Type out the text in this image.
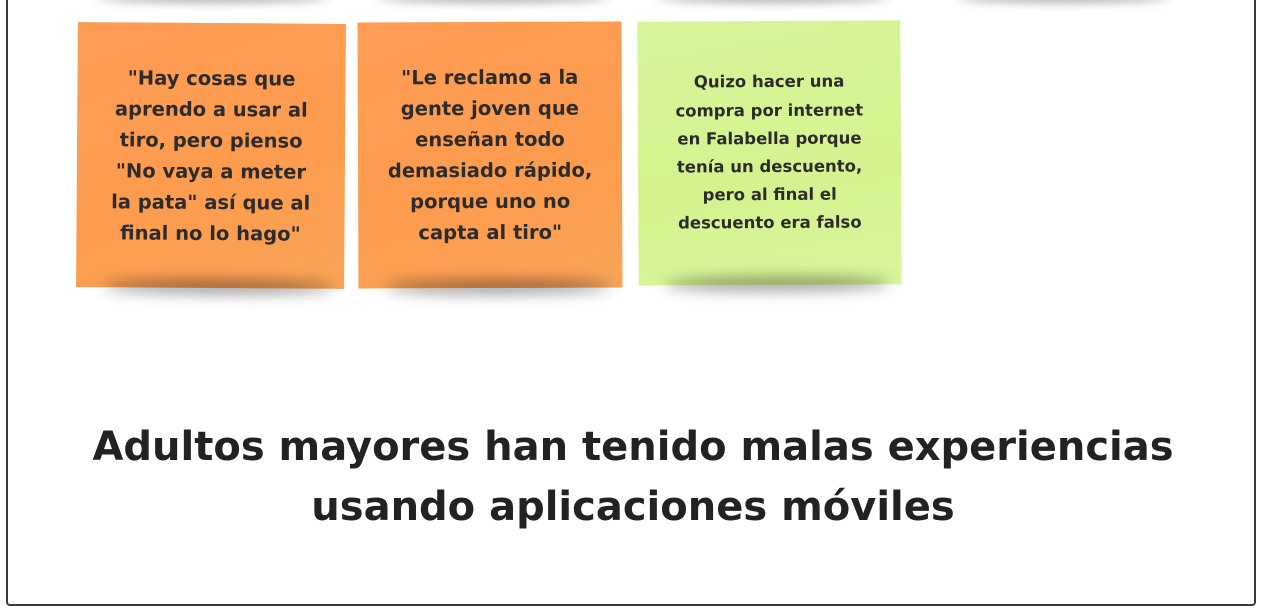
"Hay cosas que
aprendo a usar al
tiro, pero pienso
"No vaya a meter
la pata" así que al
final no lo hago"
"Le reclamo a la
gente joven que
enseñan todo
demasiado rápido,
porque uno no
capta al tiro"
Quizo hacer una
compra por internet
en Falabella porque
tenía un descuento,
pero al final el
descuento era falso
Adultos mayores han tenido malas experiencias
usando aplicaciones móviles
